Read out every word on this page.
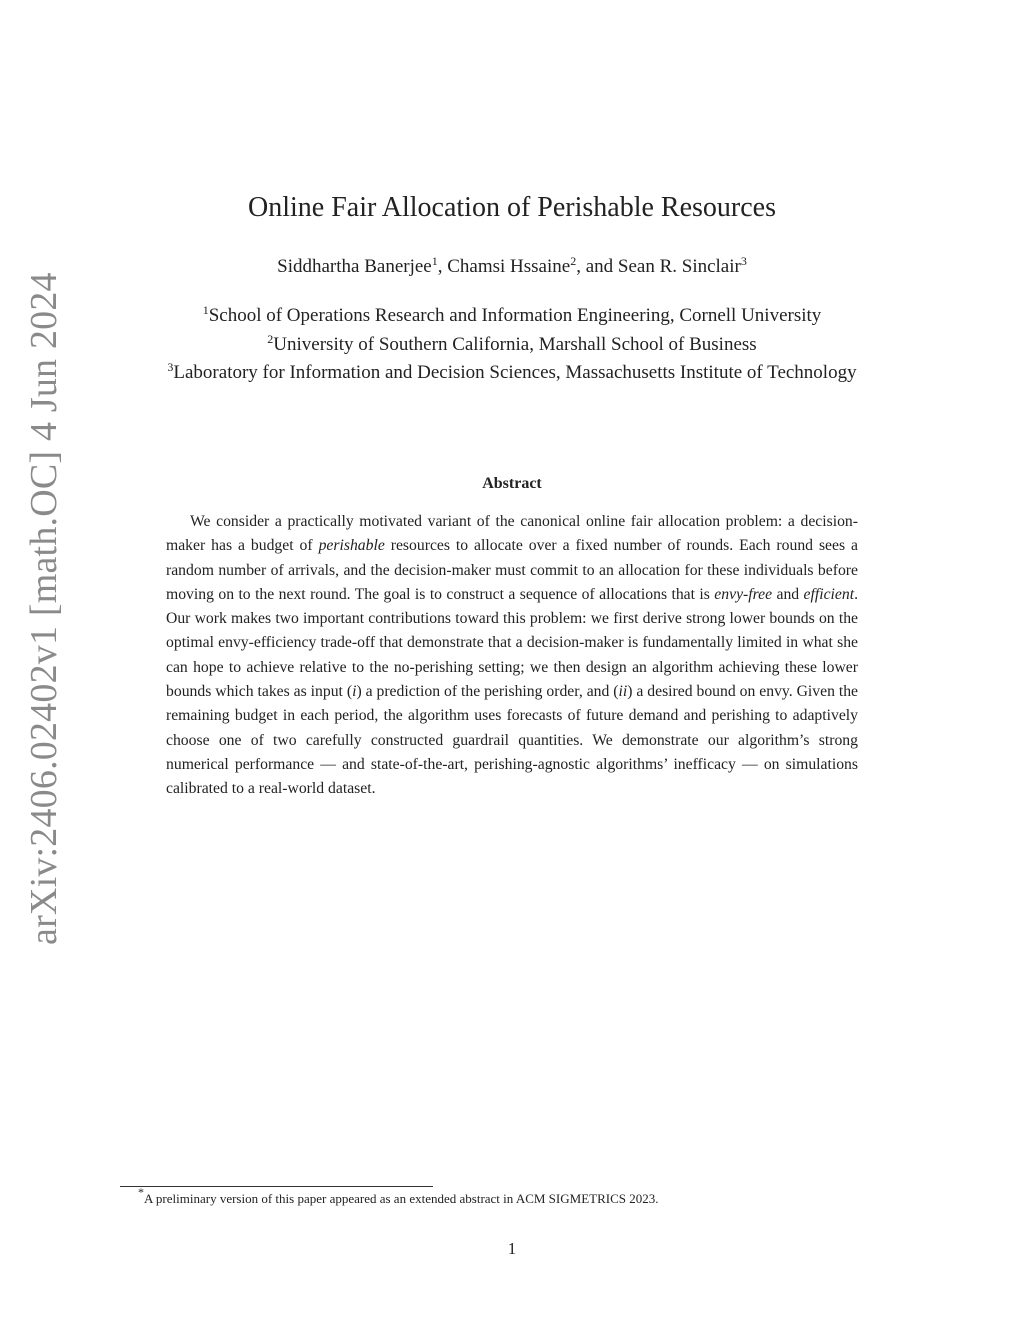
arXiv:2406.02402v1 [math.OC] 4 Jun 2024
Online Fair Allocation of Perishable Resources
Siddhartha Banerjee$^1$, Chamsi Hssaine$^2$, and Sean R. Sinclair$^3$
$^1$School of Operations Research and Information Engineering, Cornell University
$^2$University of Southern California, Marshall School of Business
$^3$Laboratory for Information and Decision Sciences, Massachusetts Institute of Technology
Abstract

We consider a practically motivated variant of the canonical online fair allocation problem: a decision-maker has a budget of perishable resources to allocate over a fixed number of rounds. Each round sees a random number of arrivals, and the decision-maker must commit to an allocation for these individuals before moving on to the next round. The goal is to construct a sequence of allocations that is envy-free and efficient. Our work makes two important contributions toward this problem: we first derive strong lower bounds on the optimal envy-efficiency trade-off that demonstrate that a decision-maker is fundamentally limited in what she can hope to achieve relative to the no-perishing setting; we then design an algorithm achieving these lower bounds which takes as input (i) a prediction of the perishing order, and (ii) a desired bound on envy. Given the remaining budget in each period, the algorithm uses forecasts of future demand and perishing to adaptively choose one of two carefully constructed guardrail quantities. We demonstrate our algorithm’s strong numerical performance — and state-of-the-art, perishing-agnostic algorithms’ inefficacy — on simulations calibrated to a real-world dataset.

*A preliminary version of this paper appeared as an extended abstract in ACM SIGMETRICS 2023.
1
